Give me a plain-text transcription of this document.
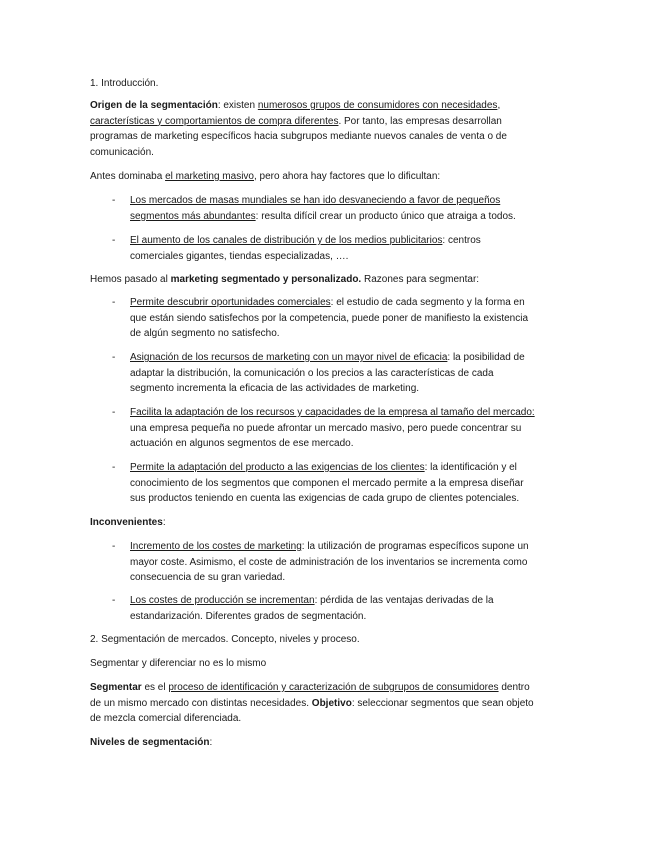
1. Introducción.
Origen de la segmentación: existen numerosos grupos de consumidores con necesidades,
características y comportamientos de compra diferentes. Por tanto, las empresas desarrollan
programas de marketing específicos hacia subgrupos mediante nuevos canales de venta o de
comunicación.
Antes dominaba el marketing masivo, pero ahora hay factores que lo dificultan:
- Los mercados de masas mundiales se han ido desvaneciendo a favor de pequeños
segmentos más abundantes: resulta difícil crear un producto único que atraiga a todos.
- El aumento de los canales de distribución y de los medios publicitarios: centros
comerciales gigantes, tiendas especializadas, ….
Hemos pasado al marketing segmentado y personalizado. Razones para segmentar:
- Permite descubrir oportunidades comerciales: el estudio de cada segmento y la forma en
que están siendo satisfechos por la competencia, puede poner de manifiesto la existencia
de algún segmento no satisfecho.
- Asignación de los recursos de marketing con un mayor nivel de eficacia: la posibilidad de
adaptar la distribución, la comunicación o los precios a las características de cada
segmento incrementa la eficacia de las actividades de marketing.
- Facilita la adaptación de los recursos y capacidades de la empresa al tamaño del mercado:
una empresa pequeña no puede afrontar un mercado masivo, pero puede concentrar su
actuación en algunos segmentos de ese mercado.
- Permite la adaptación del producto a las exigencias de los clientes: la identificación y el
conocimiento de los segmentos que componen el mercado permite a la empresa diseñar
sus productos teniendo en cuenta las exigencias de cada grupo de clientes potenciales.
Inconvenientes:
- Incremento de los costes de marketing: la utilización de programas específicos supone un
mayor coste. Asimismo, el coste de administración de los inventarios se incrementa como
consecuencia de su gran variedad.
- Los costes de producción se incrementan: pérdida de las ventajas derivadas de la
estandarización. Diferentes grados de segmentación.
2. Segmentación de mercados. Concepto, niveles y proceso.
Segmentar y diferenciar no es lo mismo
Segmentar es el proceso de identificación y caracterización de subgrupos de consumidores dentro
de un mismo mercado con distintas necesidades. Objetivo: seleccionar segmentos que sean objeto
de mezcla comercial diferenciada.
Niveles de segmentación:
